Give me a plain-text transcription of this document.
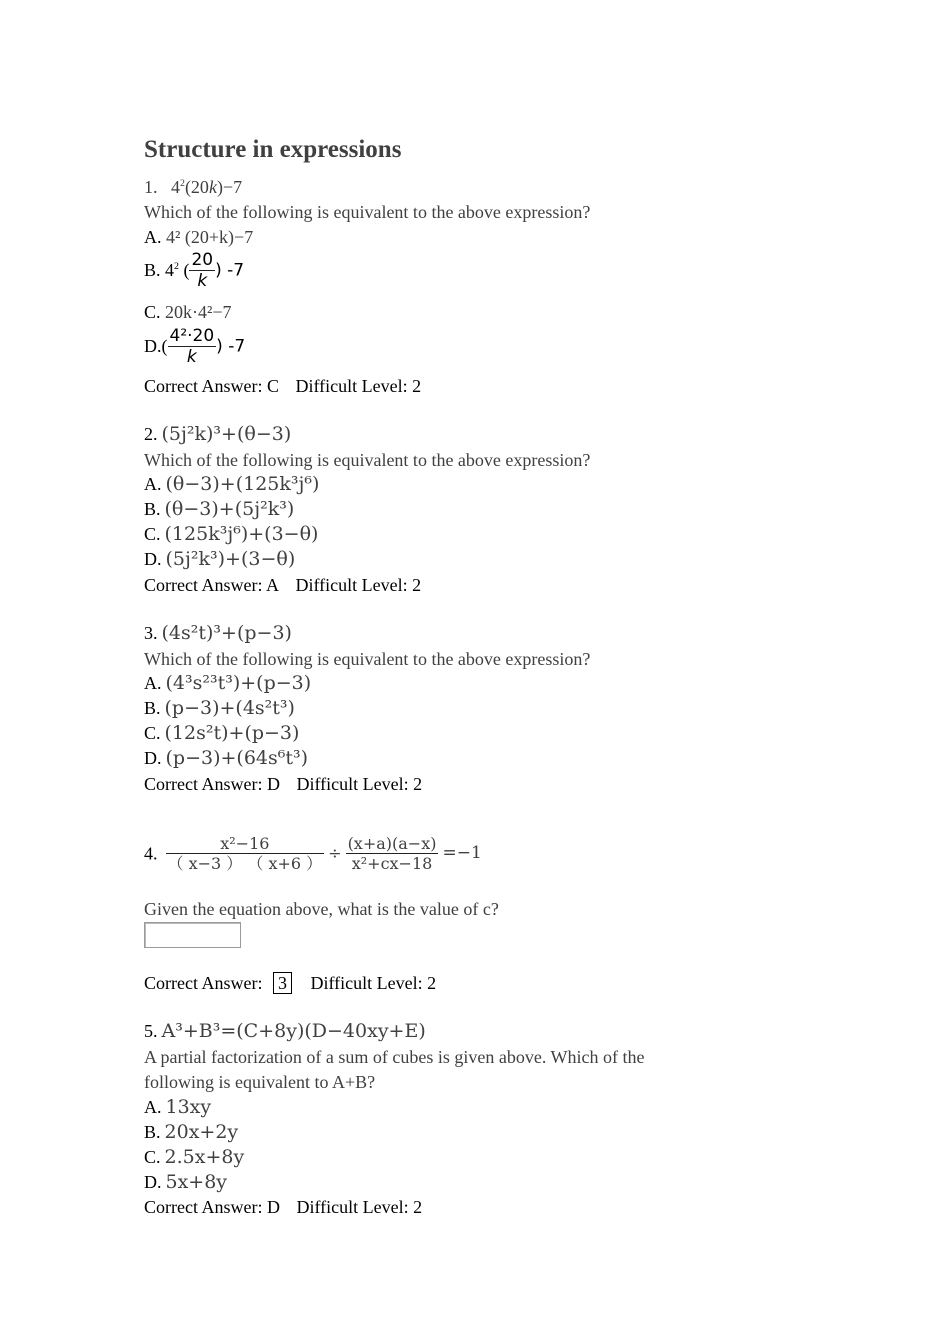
Structure in expressions
1. $4^2(20k)-7$
Which of the following is equivalent to the above expression?
A. 4² (20+k)−7
B. $4^2$ ( $\frac{20}{k}$ ) -7
C. 20k·4²−7
$D.( \frac{\text{4²·20}}{k}$ ) -7
Correct Answer: C Difficult Level: 2
2. (5j²k)³+(θ−3)
Which of the following is equivalent to the above expression?
A. (θ−3)+(125k³j⁶)
B. (θ−3)+(5j²k³)
C. (125k³j⁶)+(3−θ)
D. (5j²k³)+(3−θ)
Correct Answer: A Difficult Level: 2
3. (4s²t)³+(p−3)
Which of the following is equivalent to the above expression?
A. (4³s²³t³)+(p−3)
B. (p−3)+(4s²t³)
C. (12s²t)+(p−3)
D. (p−3)+(64s⁶t³)
Correct Answer: D Difficult Level: 2
4. $\frac{\text{x²−16}}{( x-3 ) ( x+6 )} \div \frac{(x+a)(a-x)}{\text{x²+cx−18}} =-1$
Given the equation above, what is the value of c?
Correct Answer: 3 Difficult Level: 2
5. A³+B³=(C+8y)(D−40xy+E)
A partial factorization of a sum of cubes is given above. Which of the
following is equivalent to A+B?
A. 13xy
B. 20x+2y
C. 2.5x+8y
D. 5x+8y
Correct Answer: D Difficult Level: 2
